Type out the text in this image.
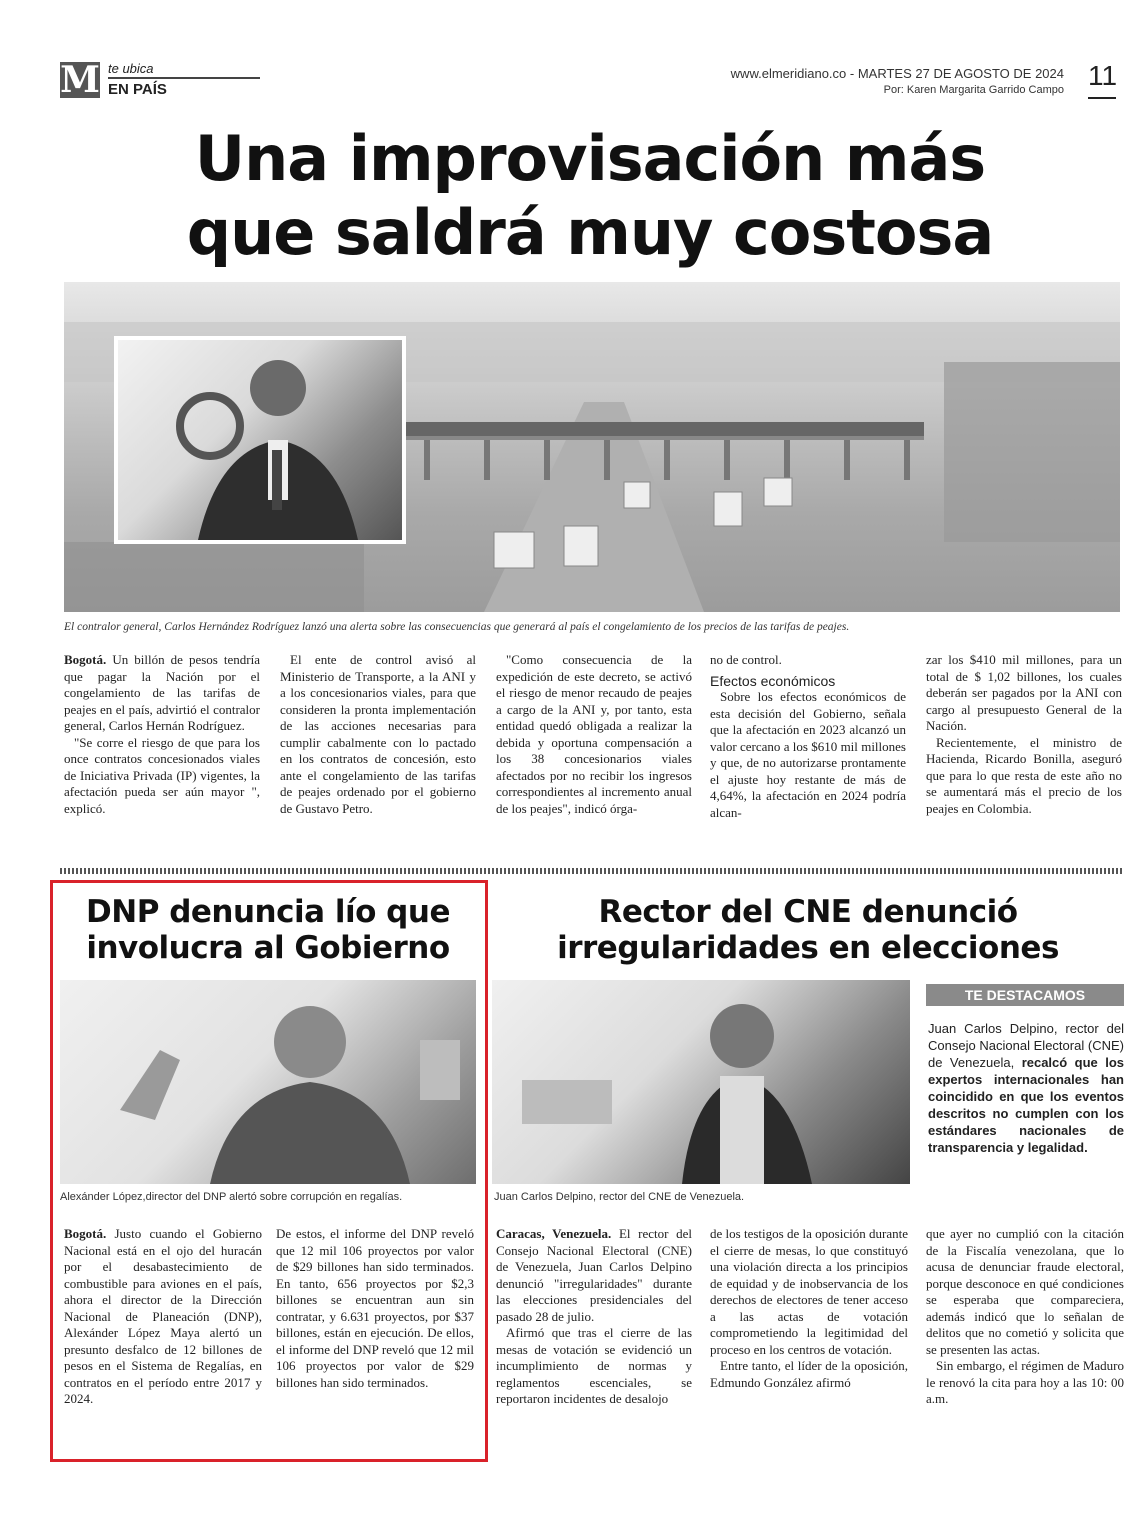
M te ubica
EN PAÍS
www.elmeridiano.co - MARTES 27 DE AGOSTO DE 2024
Por: Karen Margarita Garrido Campo 11
Una improvisación más
que saldrá muy costosa
El contralor general, Carlos Hernández Rodríguez lanzó una alerta sobre las consecuencias que generará al país el congelamiento de los precios de las tarifas de peajes.

Bogotá. Un billón de pesos tendría que pagar la Nación por el congelamiento de las tarifas de peajes en el país, advirtió el contralor general, Carlos Hernán Rodríguez.

"Se corre el riesgo de que para los once contratos concesionados viales de Iniciativa Privada (IP) vigentes, la afectación pueda ser aún mayor ", explicó.

El ente de control avisó al Ministerio de Transporte, a la ANI y a los concesionarios viales, para que consideren la pronta implementación de las acciones necesarias para cumplir cabalmente con lo pactado en los contratos de concesión, esto ante el congelamiento de las tarifas de peajes ordenado por el gobierno de Gustavo Petro.

"Como consecuencia de la expedición de este decreto, se activó el riesgo de menor recaudo de peajes a cargo de la ANI y, por tanto, esta entidad quedó obligada a realizar la debida y oportuna compensación a los 38 concesionarios viales afectados por no recibir los ingresos correspondientes al incremento anual de los peajes", indicó órga-

no de control.

Efectos económicos

Sobre los efectos económicos de esta decisión del Gobierno, señala que la afectación en 2023 alcanzó un valor cercano a los $610 mil millones y que, de no autorizarse prontamente el ajuste hoy restante de más de 4,64%, la afectación en 2024 podría alcan-

zar los $410 mil millones, para un total de $ 1,02 billones, los cuales deberán ser pagados por la ANI con cargo al presupuesto General de la Nación.

Recientemente, el ministro de Hacienda, Ricardo Bonilla, aseguró que para lo que resta de este año no se aumentará más el precio de los peajes en Colombia.

DNP denuncia lío que
involucra al Gobierno
Alexánder López,director del DNP alertó sobre corrupción en regalías.

Bogotá. Justo cuando el Gobierno Nacional está en el ojo del huracán por el desabastecimiento de combustible para aviones en el país, ahora el director de la Dirección Nacional de Planeación (DNP), Alexánder López Maya alertó un presunto desfalco de 12 billones de pesos en el Sistema de Regalías, en contratos en el período entre 2017 y 2024.

De estos, el informe del DNP reveló que 12 mil 106 proyectos por valor de $29 billones han sido terminados. En tanto, 656 proyectos por $2,3 billones se encuentran aun sin contratar, y 6.631 proyectos, por $37 billones, están en ejecución. De ellos, el informe del DNP reveló que 12 mil 106 proyectos por valor de $29 billones han sido terminados.

Rector del CNE denunció
irregularidades en elecciones
Juan Carlos Delpino, rector del CNE de Venezuela.
TE DESTACAMOS
Juan Carlos Delpino, rector del Consejo Nacional Electoral (CNE) de Venezuela, recalcó que los expertos internacionales han coincidido en que los eventos descritos no cumplen con los estándares nacionales de transparencia y legalidad.

Caracas, Venezuela. El rector del Consejo Nacional Electoral (CNE) de Venezuela, Juan Carlos Delpino denunció "irregularidades" durante las elecciones presidenciales del pasado 28 de julio.

Afirmó que tras el cierre de las mesas de votación se evidenció un incumplimiento de normas y reglamentos escenciales, se reportaron incidentes de desalojo

de los testigos de la oposición durante el cierre de mesas, lo que constituyó una violación directa a los principios de equidad y de inobservancia de los derechos de electores de tener acceso a las actas de votación comprometiendo la legitimidad del proceso en los centros de votación.

Entre tanto, el líder de la oposición, Edmundo González afirmó

que ayer no cumplió con la citación de la Fiscalía venezolana, que lo acusa de denunciar fraude electoral, porque desconoce en qué condiciones se esperaba que compareciera, además indicó que lo señalan de delitos que no cometió y solicita que se presenten las actas.

Sin embargo, el régimen de Maduro le renovó la cita para hoy a las 10: 00 a.m.
